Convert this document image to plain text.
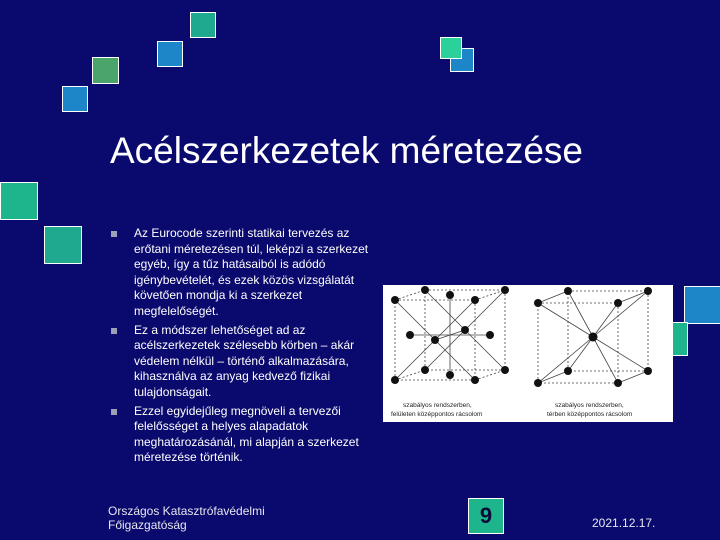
Acélszerkezetek méretezése
Az Eurocode szerinti statikai tervezés az erőtani méretezésen túl, leképzi a szerkezet egyéb, így a tűz hatásaiból is adódó igénybevételét, és ezek közös vizsgálatát követően mondja ki a szerkezet megfelelőségét.
Ez a módszer lehetőséget ad az acélszerkezetek szélesebb körben – akár védelem nélkül – történő alkalmazására, kihasználva az anyag kedvező fizikai tulajdonságait.
Ezzel egyidejűleg megnöveli a tervezői felelősséget a helyes alapadatok meghatározásánál, mi alapján a szerkezet méretezése történik.
szabályos rendszerben,
felületen középpontos rácsolom
szabályos rendszerben,
térben középpontos rácsolom
Országos Katasztrófavédelmi
Főigazgatóság	9	2021.12.17.
